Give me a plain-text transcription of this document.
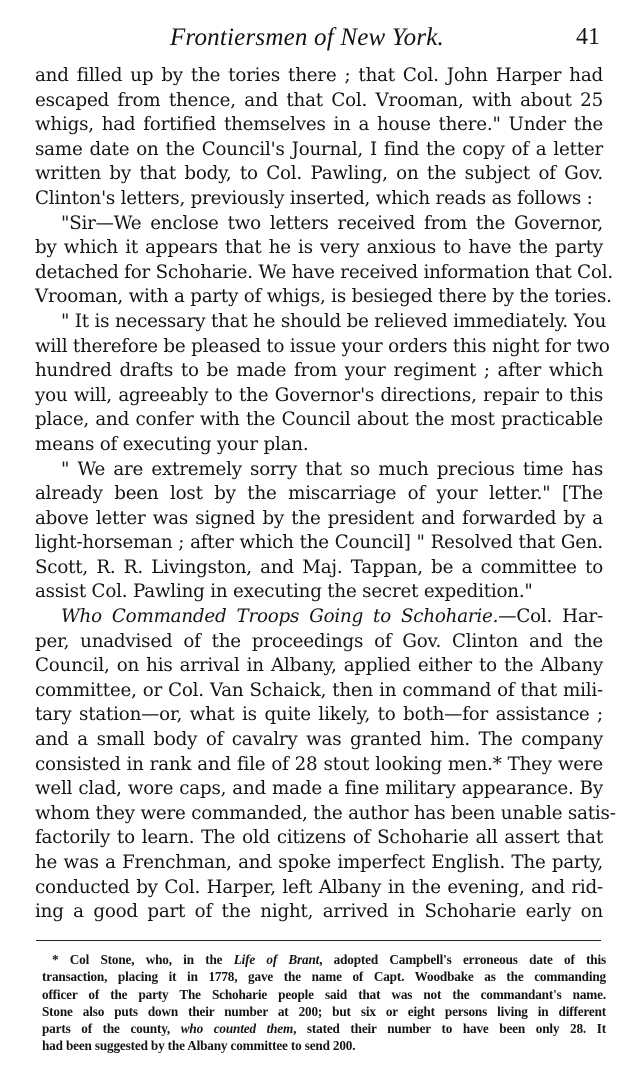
Frontiersmen of New York.	41
and filled up by the tories there ; that Col. John Harper had
escaped from thence, and that Col. Vrooman, with about 25
whigs, had fortified themselves in a house there." Under the
same date on the Council's Journal, I find the copy of a letter
written by that body, to Col. Pawling, on the subject of Gov.
Clinton's letters, previously inserted, which reads as follows :
"Sir—We enclose two letters received from the Governor,
by which it appears that he is very anxious to have the party
detached for Schoharie. We have received information that Col.
Vrooman, with a party of whigs, is besieged there by the tories.
" It is necessary that he should be relieved immediately. You
will therefore be pleased to issue your orders this night for two
hundred drafts to be made from your regiment ; after which
you will, agreeably to the Governor's directions, repair to this
place, and confer with the Council about the most practicable
means of executing your plan.
" We are extremely sorry that so much precious time has
already been lost by the miscarriage of your letter." [The
above letter was signed by the president and forwarded by a
light-horseman ; after which the Council] " Resolved that Gen.
Scott, R. R. Livingston, and Maj. Tappan, be a committee to
assist Col. Pawling in executing the secret expedition."
Who Commanded Troops Going to Schoharie.—Col. Har-
per, unadvised of the proceedings of Gov. Clinton and the
Council, on his arrival in Albany, applied either to the Albany
committee, or Col. Van Schaick, then in command of that mili-
tary station—or, what is quite likely, to both—for assistance ;
and a small body of cavalry was granted him. The company
consisted in rank and file of 28 stout looking men.* They were
well clad, wore caps, and made a fine military appearance. By
whom they were commanded, the author has been unable satis-
factorily to learn. The old citizens of Schoharie all assert that
he was a Frenchman, and spoke imperfect English. The party,
conducted by Col. Harper, left Albany in the evening, and rid-
ing a good part of the night, arrived in Schoharie early on
* Col Stone, who, in the Life of Brant, adopted Campbell's erroneous date of this
transaction, placing it in 1778, gave the name of Capt. Woodbake as the commanding
officer of the party The Schoharie people said that was not the commandant's name.
Stone also puts down their number at 200; but six or eight persons living in different
parts of the county, who counted them, stated their number to have been only 28. It
had been suggested by the Albany committee to send 200.
